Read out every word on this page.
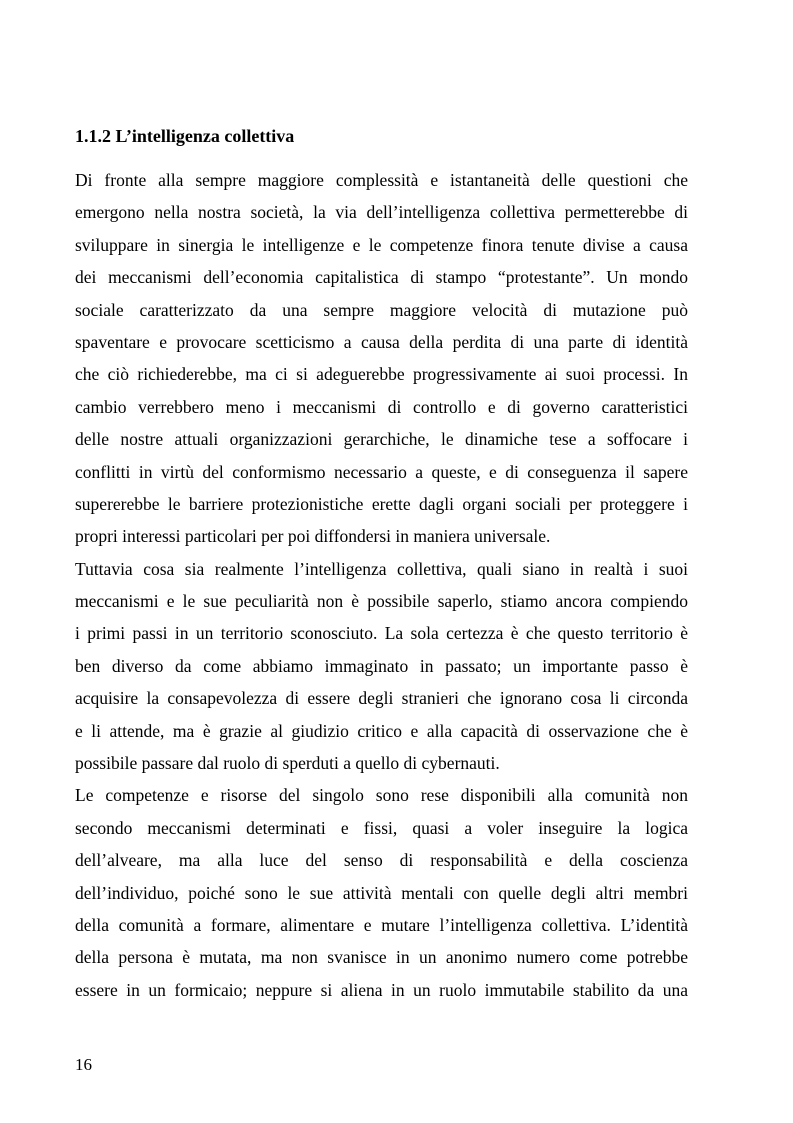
1.1.2 L’intelligenza collettiva
Di fronte alla sempre maggiore complessità e istantaneità delle questioni che
emergono nella nostra società, la via dell’intelligenza collettiva permetterebbe di
sviluppare in sinergia le intelligenze e le competenze finora tenute divise a causa
dei meccanismi dell’economia capitalistica di stampo “protestante”. Un mondo
sociale caratterizzato da una sempre maggiore velocità di mutazione può
spaventare e provocare scetticismo a causa della perdita di una parte di identità
che ciò richiederebbe, ma ci si adeguerebbe progressivamente ai suoi processi. In
cambio verrebbero meno i meccanismi di controllo e di governo caratteristici
delle nostre attuali organizzazioni gerarchiche, le dinamiche tese a soffocare i
conflitti in virtù del conformismo necessario a queste, e di conseguenza il sapere
supererebbe le barriere protezionistiche erette dagli organi sociali per proteggere i
propri interessi particolari per poi diffondersi in maniera universale.
Tuttavia cosa sia realmente l’intelligenza collettiva, quali siano in realtà i suoi
meccanismi e le sue peculiarità non è possibile saperlo, stiamo ancora compiendo
i primi passi in un territorio sconosciuto. La sola certezza è che questo territorio è
ben diverso da come abbiamo immaginato in passato; un importante passo è
acquisire la consapevolezza di essere degli stranieri che ignorano cosa li circonda
e li attende, ma è grazie al giudizio critico e alla capacità di osservazione che è
possibile passare dal ruolo di sperduti a quello di cybernauti.
Le competenze e risorse del singolo sono rese disponibili alla comunità non
secondo meccanismi determinati e fissi, quasi a voler inseguire la logica
dell’alveare, ma alla luce del senso di responsabilità e della coscienza
dell’individuo, poiché sono le sue attività mentali con quelle degli altri membri
della comunità a formare, alimentare e mutare l’intelligenza collettiva. L’identità
della persona è mutata, ma non svanisce in un anonimo numero come potrebbe
essere in un formicaio; neppure si aliena in un ruolo immutabile stabilito da una
16
